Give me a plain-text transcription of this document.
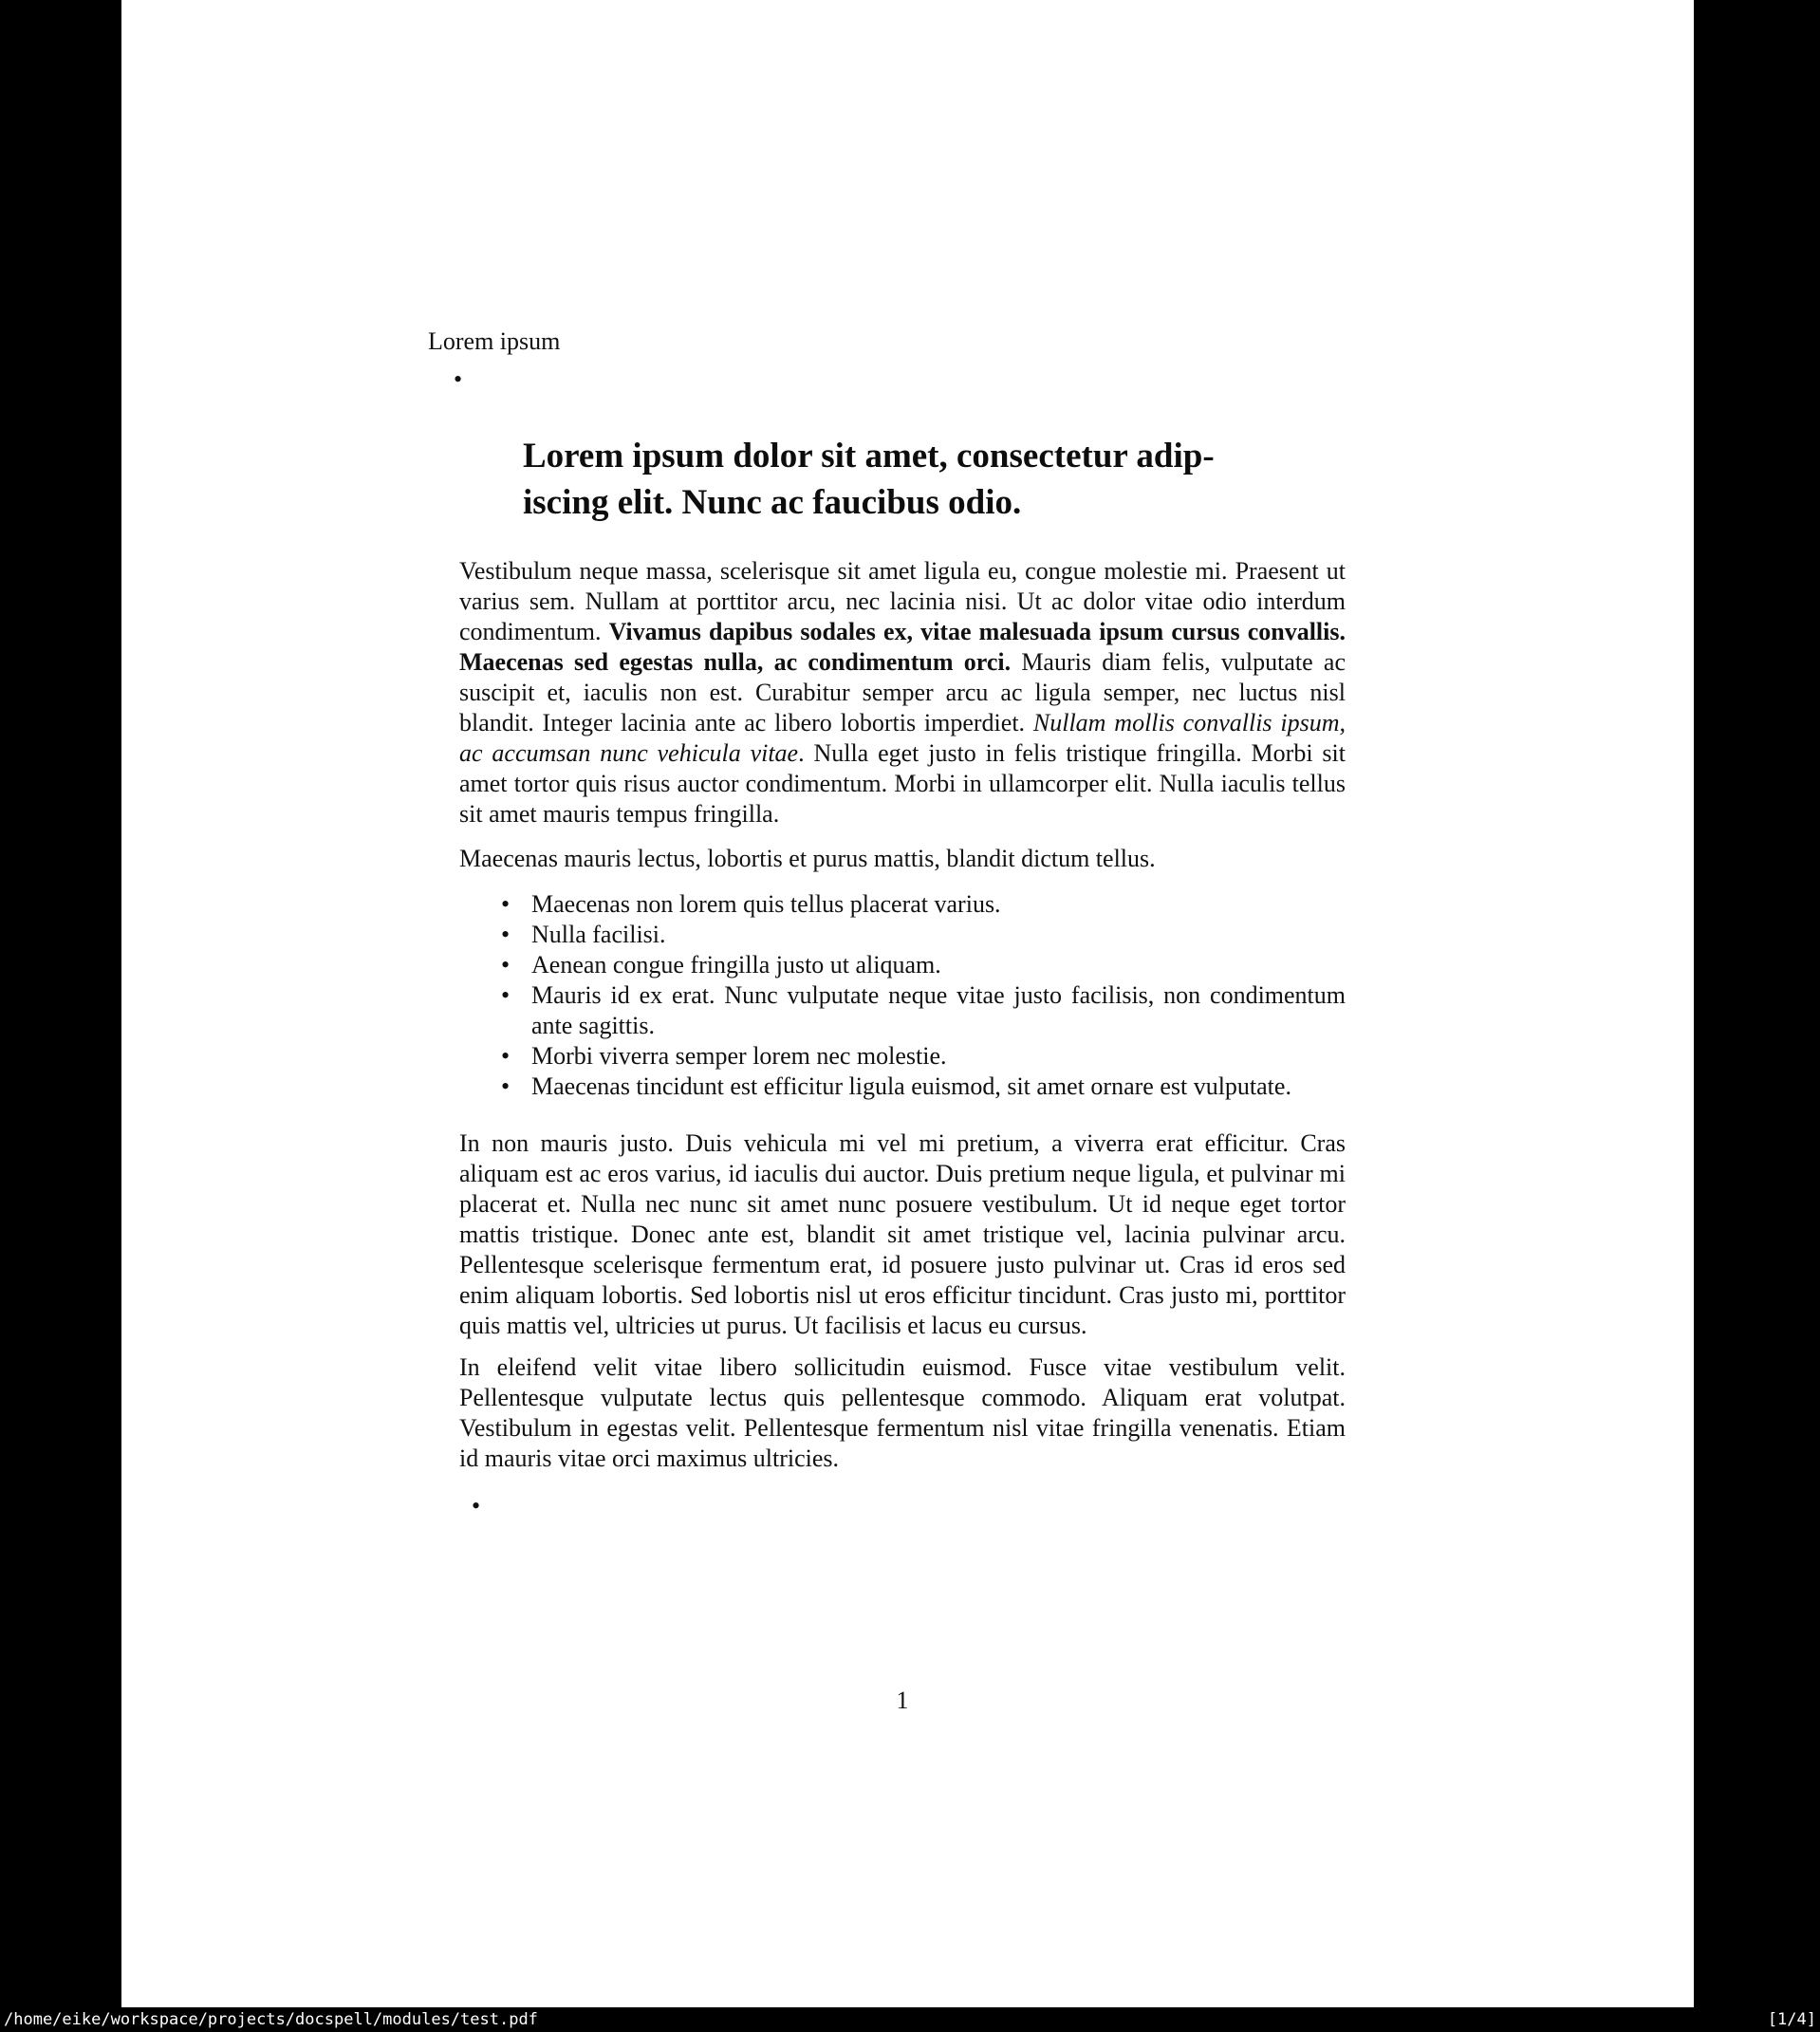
Lorem ipsum
•
Lorem ipsum dolor sit amet, consectetur adip-
iscing elit. Nunc ac faucibus odio.

Vestibulum neque massa, scelerisque sit amet ligula eu, congue molestie mi. Praesent ut varius sem. Nullam at porttitor arcu, nec lacinia nisi. Ut ac dolor vitae odio interdum condimentum. Vivamus dapibus sodales ex, vitae malesuada ipsum cursus convallis. Maecenas sed egestas nulla, ac condimentum orci. Mauris diam felis, vulputate ac suscipit et, iaculis non est. Curabitur semper arcu ac ligula semper, nec luctus nisl blandit. Integer lacinia ante ac libero lobortis imperdiet. Nullam mollis convallis ipsum, ac accumsan nunc vehicula vitae. Nulla eget justo in felis tristique fringilla. Morbi sit amet tortor quis risus auctor condimentum. Morbi in ullamcorper elit. Nulla iaculis tellus sit amet mauris tempus fringilla.

Maecenas mauris lectus, lobortis et purus mattis, blandit dictum tellus.

• Maecenas non lorem quis tellus placerat varius.
• Nulla facilisi.
• Aenean congue fringilla justo ut aliquam.
• Mauris id ex erat. Nunc vulputate neque vitae justo facilisis, non condimentum ante sagittis.
• Morbi viverra semper lorem nec molestie.
• Maecenas tincidunt est efficitur ligula euismod, sit amet ornare est vulputate.

In non mauris justo. Duis vehicula mi vel mi pretium, a viverra erat efficitur. Cras aliquam est ac eros varius, id iaculis dui auctor. Duis pretium neque ligula, et pulvinar mi placerat et. Nulla nec nunc sit amet nunc posuere vestibulum. Ut id neque eget tortor mattis tristique. Donec ante est, blandit sit amet tristique vel, lacinia pulvinar arcu. Pellentesque scelerisque fermentum erat, id posuere justo pulvinar ut. Cras id eros sed enim aliquam lobortis. Sed lobortis nisl ut eros efficitur tincidunt. Cras justo mi, porttitor quis mattis vel, ultricies ut purus. Ut facilisis et lacus eu cursus.

In eleifend velit vitae libero sollicitudin euismod. Fusce vitae vestibulum velit. Pellentesque vulputate lectus quis pellentesque commodo. Aliquam erat volutpat. Vestibulum in egestas velit. Pellentesque fermentum nisl vitae fringilla venenatis. Etiam id mauris vitae orci maximus ultricies.

•
1
/home/eike/workspace/projects/docspell/modules/test.pdf	[1/4]
